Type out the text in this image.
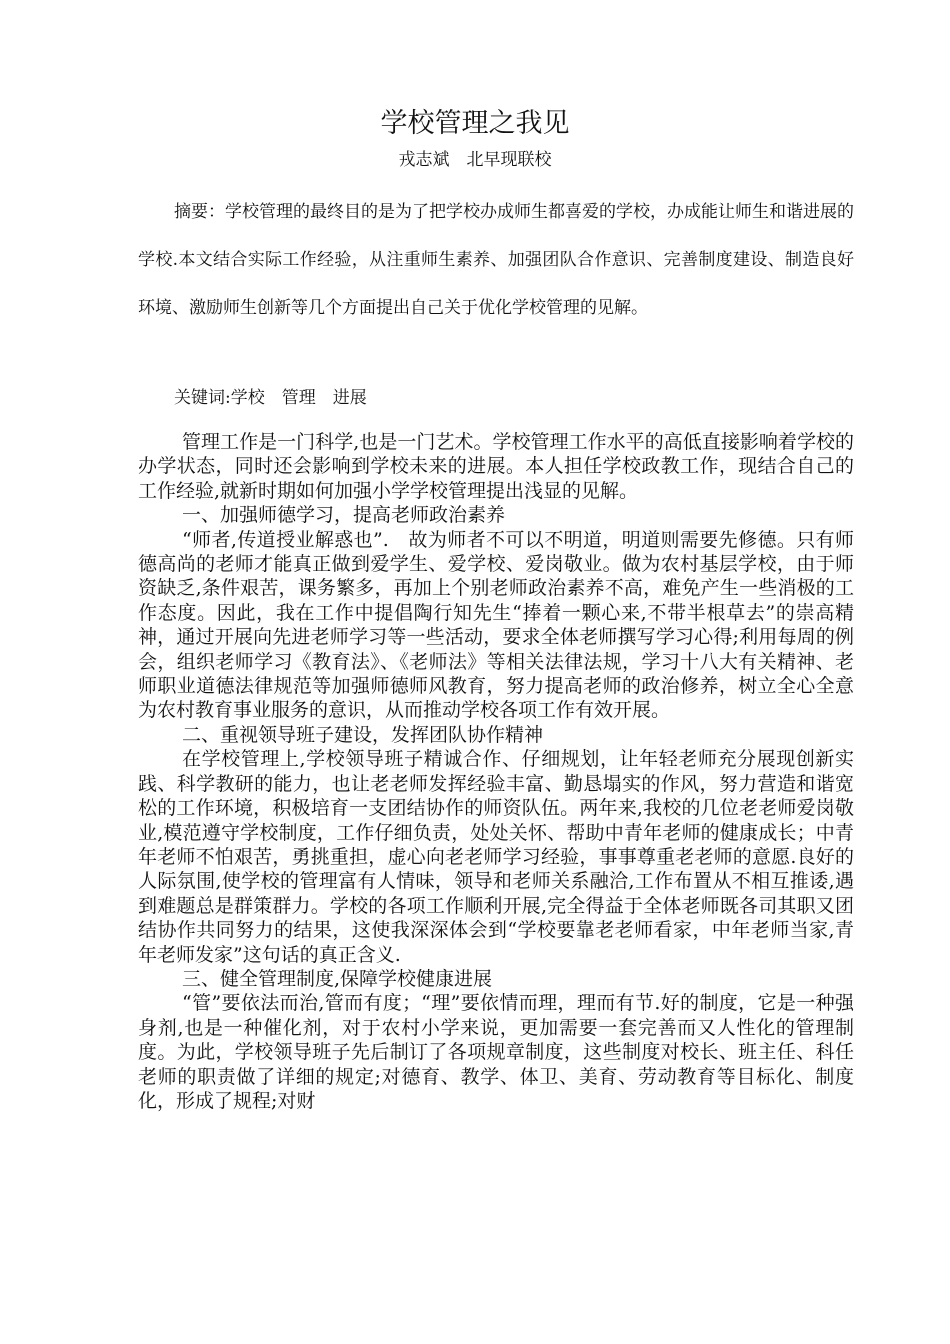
学校管理之我见
戎志斌　北早现联校

摘要：学校管理的最终目的是为了把学校办成师生都喜爱的学校，办成能让师生和谐进展的学校.本文结合实际工作经验，从注重师生素养、加强团队合作意识、完善制度建设、制造良好环境、激励师生创新等几个方面提出自己关于优化学校管理的见解。

关键词:学校　管理　进展

管理工作是一门科学,也是一门艺术。学校管理工作水平的高低直接影响着学校的办学状态，同时还会影响到学校未来的进展。本人担任学校政教工作，现结合自己的工作经验,就新时期如何加强小学学校管理提出浅显的见解。

一、加强师德学习，提高老师政治素养

“师者,传道授业解惑也”.　故为师者不可以不明道，明道则需要先修德。只有师德高尚的老师才能真正做到爱学生、爱学校、爱岗敬业。做为农村基层学校，由于师资缺乏,条件艰苦，课务繁多，再加上个别老师政治素养不高，难免产生一些消极的工作态度。因此，我在工作中提倡陶行知先生“捧着一颗心来,不带半根草去”的崇高精神，通过开展向先进老师学习等一些活动，要求全体老师撰写学习心得;利用每周的例会，组织老师学习《教育法》、《老师法》等相关法律法规，学习十八大有关精神、老师职业道德法律规范等加强师德师风教育，努力提高老师的政治修养，树立全心全意为农村教育事业服务的意识，从而推动学校各项工作有效开展。

二、重视领导班子建设，发挥团队协作精神

在学校管理上,学校领导班子精诚合作、仔细规划，让年轻老师充分展现创新实践、科学教研的能力，也让老老师发挥经验丰富、勤恳塌实的作风，努力营造和谐宽松的工作环境，积极培育一支团结协作的师资队伍。两年来,我校的几位老老师爱岗敬业,模范遵守学校制度，工作仔细负责，处处关怀、帮助中青年老师的健康成长；中青年老师不怕艰苦，勇挑重担，虚心向老老师学习经验，事事尊重老老师的意愿.良好的人际氛围,使学校的管理富有人情味，领导和老师关系融洽,工作布置从不相互推诿,遇到难题总是群策群力。学校的各项工作顺利开展,完全得益于全体老师既各司其职又团结协作共同努力的结果，这使我深深体会到“学校要靠老老师看家，中年老师当家,青年老师发家”这句话的真正含义.

三、健全管理制度,保障学校健康进展

“管”要依法而治,管而有度；“理”要依情而理，理而有节.好的制度，它是一种强身剂,也是一种催化剂，对于农村小学来说，更加需要一套完善而又人性化的管理制度。为此，学校领导班子先后制订了各项规章制度，这些制度对校长、班主任、科任老师的职责做了详细的规定;对德育、教学、体卫、美育、劳动教育等目标化、制度化，形成了规程;对财
